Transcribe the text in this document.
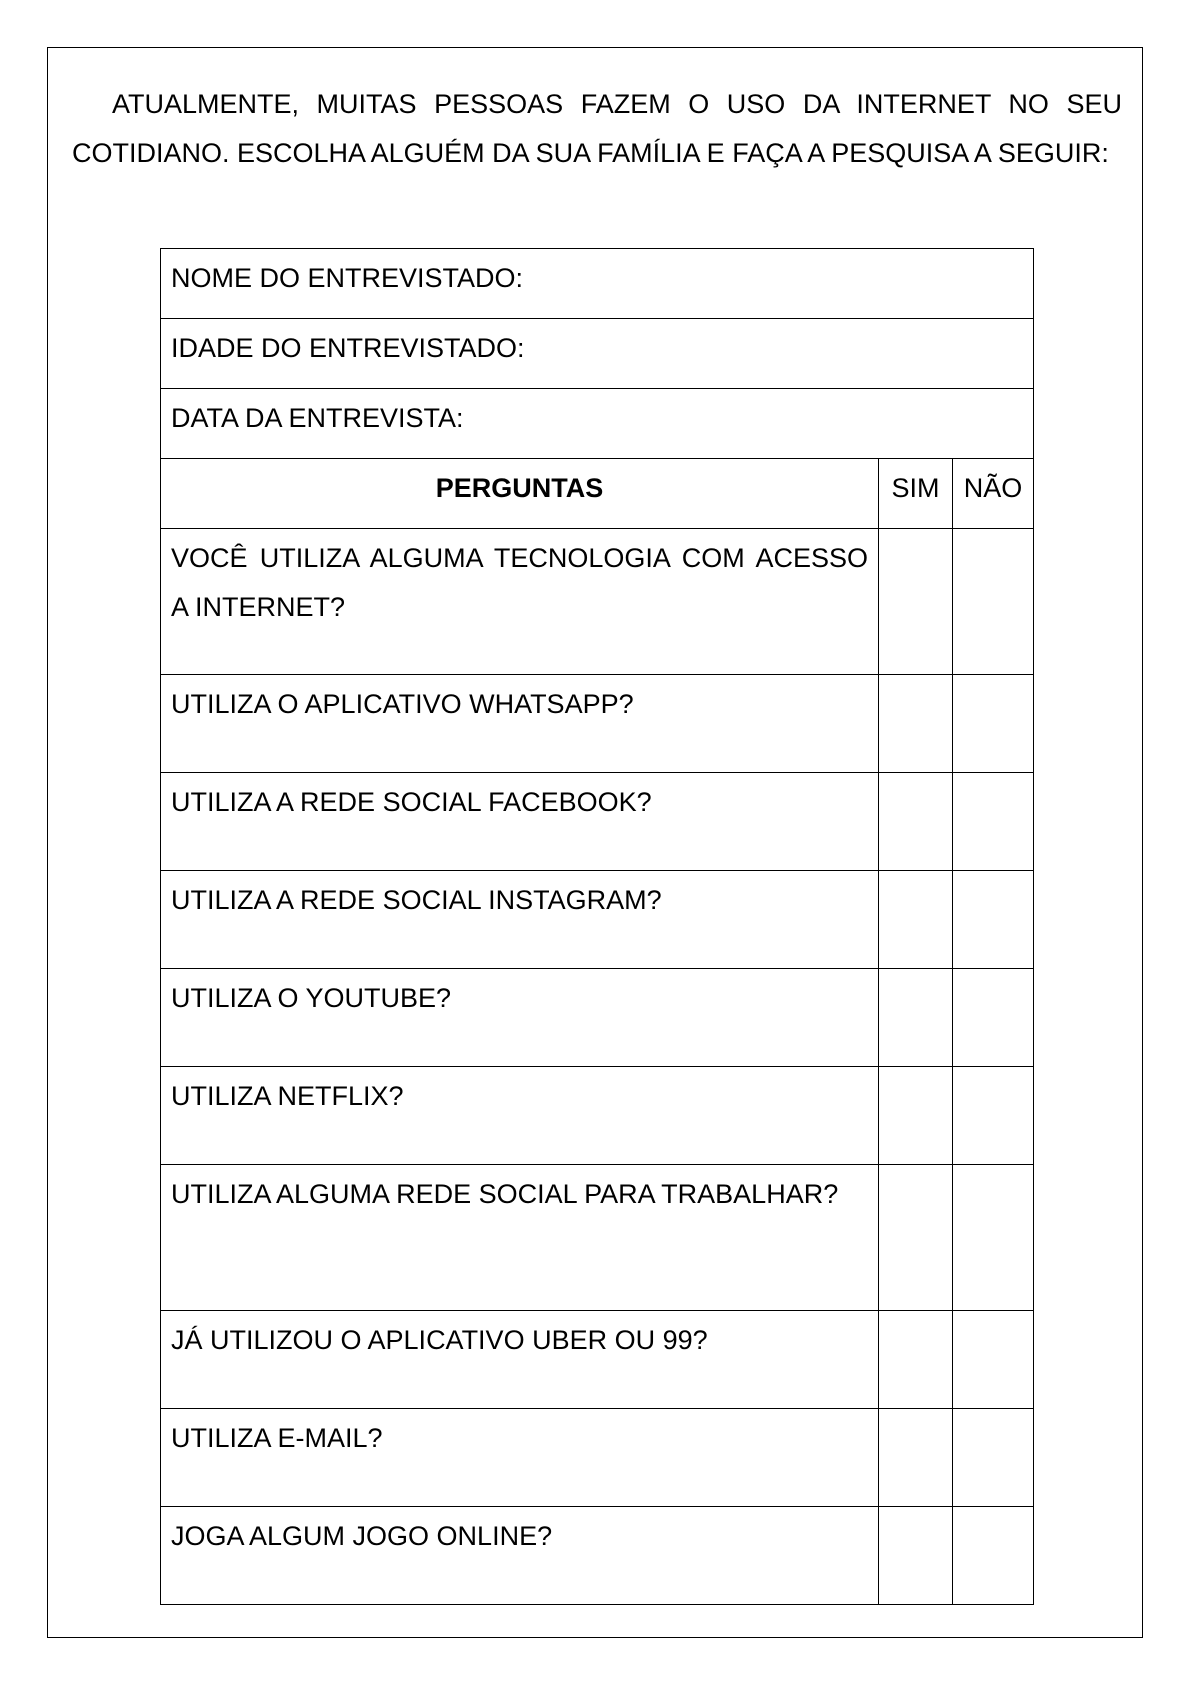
ATUALMENTE, MUITAS PESSOAS FAZEM O USO DA INTERNET NO SEU COTIDIANO. ESCOLHA ALGUÉM DA SUA FAMÍLIA E FAÇA A PESQUISA A SEGUIR:

NOME DO ENTREVISTADO:		
IDADE DO ENTREVISTADO:		
DATA DA ENTREVISTA:		
PERGUNTAS	SIM	NÃO
VOCÊ UTILIZA ALGUMA TECNOLOGIA COM ACESSO A INTERNET?		
UTILIZA O APLICATIVO WHATSAPP?		
UTILIZA A REDE SOCIAL FACEBOOK?		
UTILIZA A REDE SOCIAL INSTAGRAM?		
UTILIZA O YOUTUBE?		
UTILIZA NETFLIX?		
UTILIZA ALGUMA REDE SOCIAL PARA TRABALHAR?		
JÁ UTILIZOU O APLICATIVO UBER OU 99?		
UTILIZA E-MAIL?		
JOGA ALGUM JOGO ONLINE?		
